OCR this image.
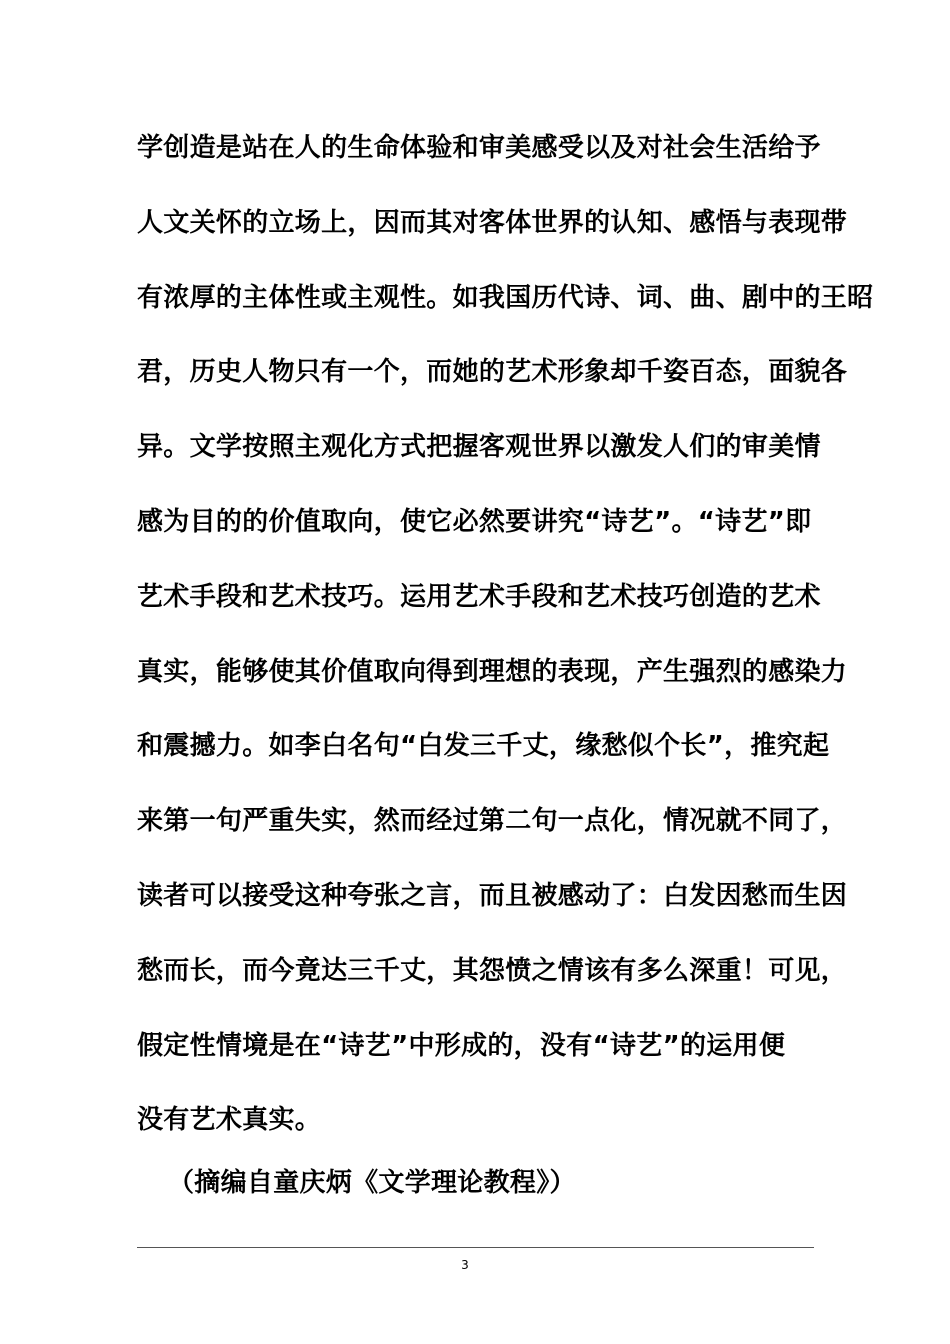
学创造是站在人的生命体验和审美感受以及对社会生活给予
人文关怀的立场上，因而其对客体世界的认知、感悟与表现带
有浓厚的主体性或主观性。如我国历代诗、词、曲、剧中的王昭
君，历史人物只有一个，而她的艺术形象却千姿百态，面貌各
异。文学按照主观化方式把握客观世界以激发人们的审美情
感为目的的价值取向，使它必然要讲究“诗艺”。“诗艺”即
艺术手段和艺术技巧。运用艺术手段和艺术技巧创造的艺术
真实，能够使其价值取向得到理想的表现，产生强烈的感染力
和震撼力。如李白名句“白发三千丈，缘愁似个长”，推究起
来第一句严重失实，然而经过第二句一点化，情况就不同了，
读者可以接受这种夸张之言，而且被感动了：白发因愁而生因
愁而长，而今竟达三千丈，其怨愤之情该有多么深重！可见，
假定性情境是在“诗艺”中形成的，没有“诗艺”的运用便
没有艺术真实。
（摘编自童庆炳《文学理论教程》）
3
